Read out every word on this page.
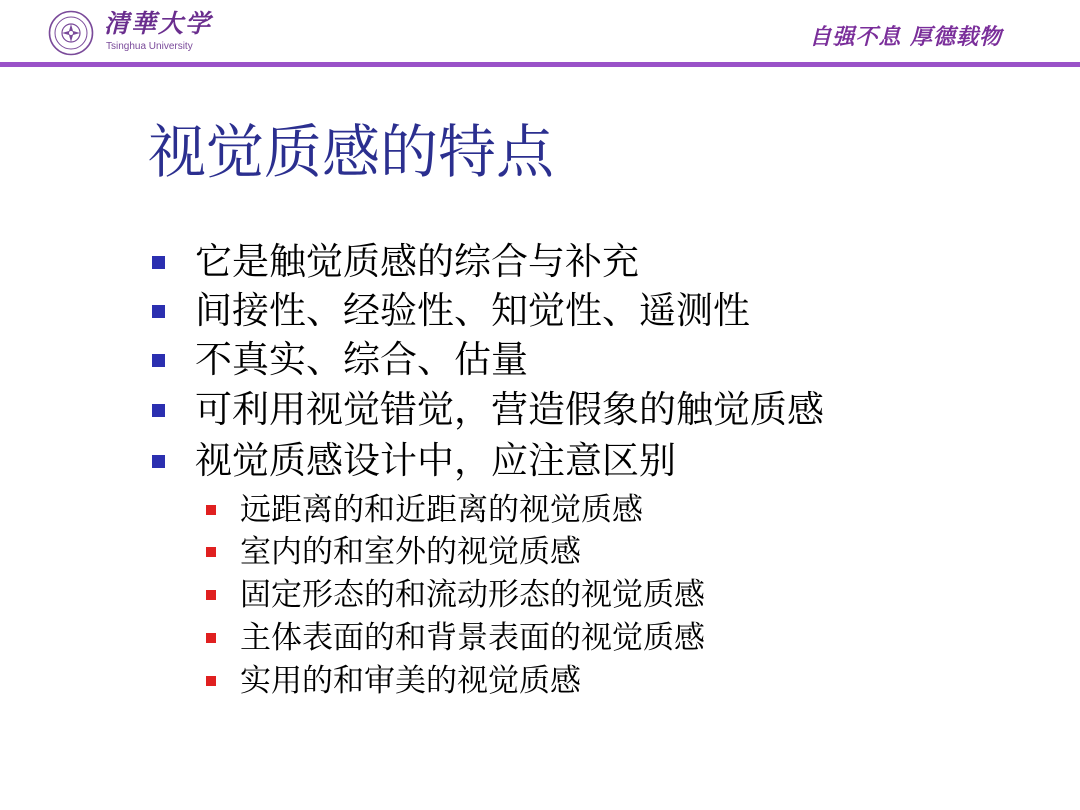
清華大学
Tsinghua University	自强不息 厚德载物
视觉质感的特点
它是触觉质感的综合与补充
间接性、经验性、知觉性、遥测性
不真实、综合、估量
可利用视觉错觉，营造假象的触觉质感
视觉质感设计中，应注意区别
远距离的和近距离的视觉质感
室内的和室外的视觉质感
固定形态的和流动形态的视觉质感
主体表面的和背景表面的视觉质感
实用的和审美的视觉质感
